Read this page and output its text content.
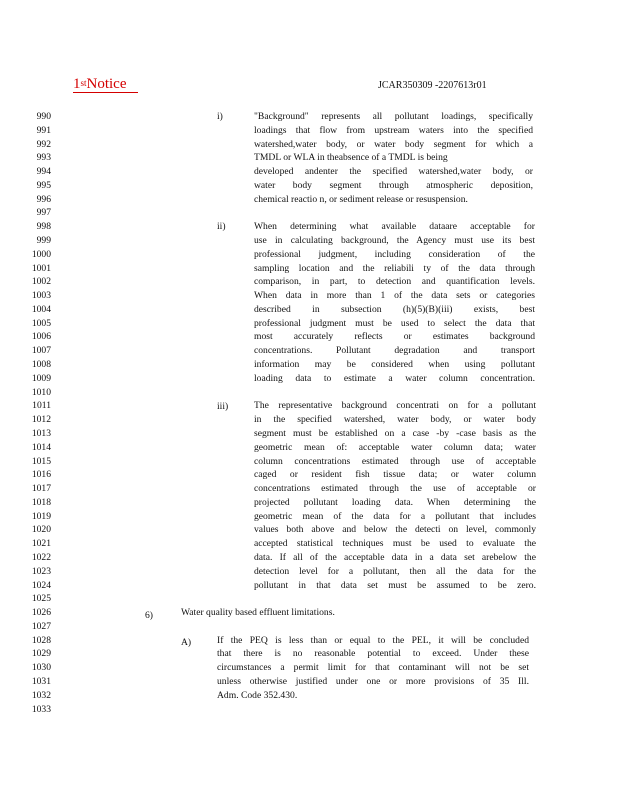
1stNotice	JCAR350309 -2207613r01
990
991
992
993
994
995
996
997
998
999
1000
1001
1002
1003
1004
1005
1006
1007
1008
1009
1010
1011
1012
1013
1014
1015
1016
1017
1018
1019
1020
1021
1022
1023
1024
1025
1026
1027
1028
1029
1030
1031
1032
1033
i)	"Background" represents all pollutant loadings, specifically
loadings that flow from upstream waters into the specified
watershed,water body, or water body segment for which a
TMDL or WLA in theabsence of a TMDL is being
developed andenter the specified watershed,water body, or
water body segment through atmospheric deposition,
chemical reactio n, or sediment release or resuspension.
ii)	When determining what available dataare acceptable for
use in calculating background, the Agency must use its best
professional judgment, including consideration of the
sampling location and the reliabili ty of the data through
comparison, in part, to detection and quantification levels.
When data in more than 1 of the data sets or categories
described in subsection (h)(5)(B)(iii) exists, best
professional judgment must be used to select the data that
most accurately reflects or estimates background
concentrations. Pollutant degradation and transport
information may be considered when using pollutant
loading data to estimate a water column concentration.
iii)	The representative background concentrati on for a pollutant
in the specified watershed, water body, or water body
segment must be established on a case -by -case basis as the
geometric mean of: acceptable water column data; water
column concentrations estimated through use of acceptable
caged or resident fish tissue data; or water column
concentrations estimated through the use of acceptable or
projected pollutant loading data. When determining the
geometric mean of the data for a pollutant that includes
values both above and below the detecti on level, commonly
accepted statistical techniques must be used to evaluate the
data. If all of the acceptable data in a data set arebelow the
detection level for a pollutant, then all the data for the
pollutant in that data set must be assumed to be zero.
6)	Water quality based effluent limitations.
A)	If the PEQ is less than or equal to the PEL, it will be concluded
that there is no reasonable potential to exceed. Under these
circumstances a permit limit for that contaminant will not be set
unless otherwise justified under one or more provisions of 35 Ill.
Adm. Code 352.430.
